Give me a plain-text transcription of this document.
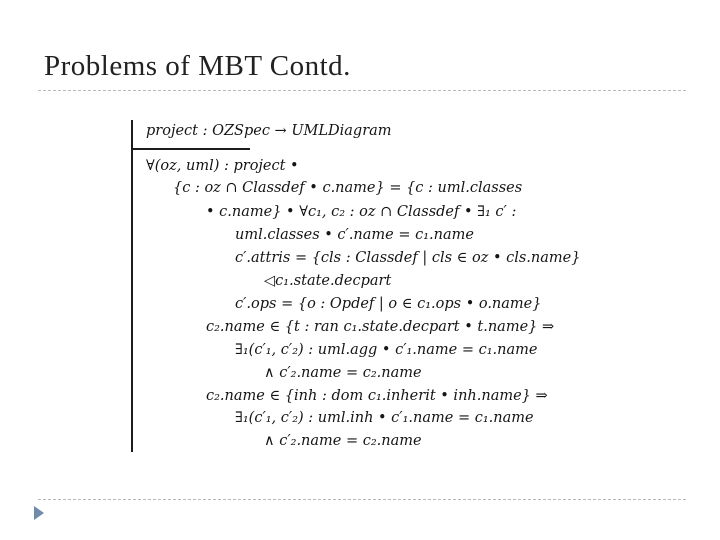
Problems of MBT Contd.
project : OZSpec → UMLDiagram
∀(oz, uml) : project •
{c : oz ∩ Classdef • c.name} = {c : uml.classes
• c.name} • ∀c₁, c₂ : oz ∩ Classdef • ∃₁ c′ :
uml.classes • c′.name = c₁.name
c′.attris = {cls : Classdef | cls ∈ oz • cls.name}
◁c₁.state.decpart
c′.ops = {o : Opdef | o ∈ c₁.ops • o.name}
c₂.name ∈ {t : ran c₁.state.decpart • t.name} ⇒
∃₁(c′₁, c′₂) : uml.agg • c′₁.name = c₁.name
∧ c′₂.name = c₂.name
c₂.name ∈ {inh : dom c₁.inherit • inh.name} ⇒
∃₁(c′₁, c′₂) : uml.inh • c′₁.name = c₁.name
∧ c′₂.name = c₂.name
